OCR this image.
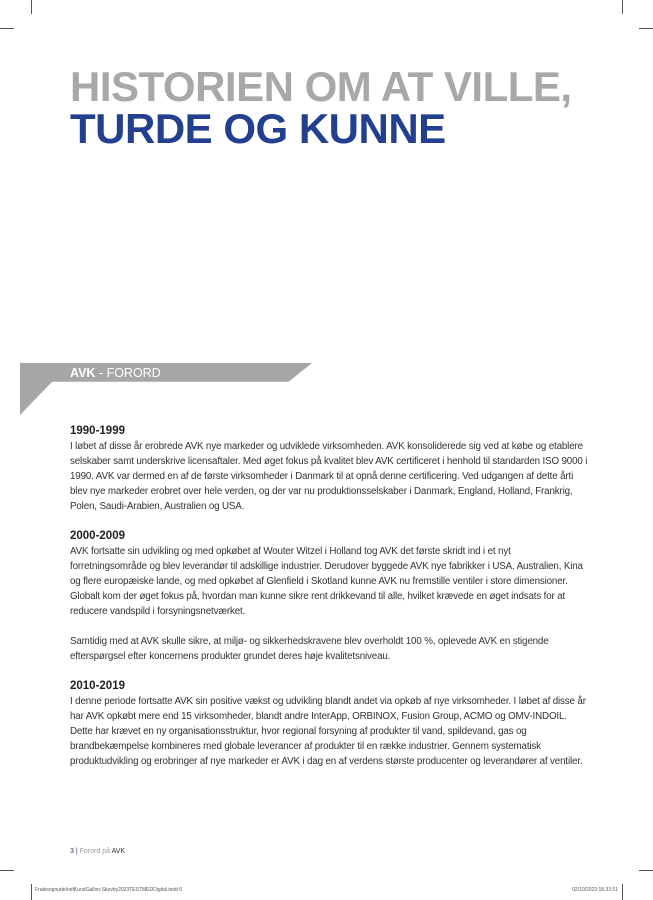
HISTORIEN OM AT VILLE,
TURDE OG KUNNE
AVK - FORORD
1990-1999

I løbet af disse år erobrede AVK nye markeder og udviklede virksomheden. AVK konsoliderede sig ved at købe og etablere selskaber samt underskrive licensaftaler. Med øget fokus på kvalitet blev AVK certificeret i henhold til standarden ISO 9000 i 1990. AVK var dermed en af de første virksomheder i Danmark til at opnå denne certificering. Ved udgangen af dette årti blev nye markeder erobret over hele verden, og der var nu produktionsselskaber i Danmark, England, Holland, Frankrig, Polen, Saudi-Arabien, Australien og USA.

2000-2009

AVK fortsatte sin udvikling og med opkøbet af Wouter Witzel i Holland tog AVK det første skridt ind i et nyt forretningsområde og blev leverandør til adskillige industrier. Derudover byggede AVK nye fabrikker i USA, Australien, Kina og flere europæiske lande, og med opkøbet af Glenfield i Skotland kunne AVK nu fremstille ventiler i store dimensioner. Globalt kom der øget fokus på, hvordan man kunne sikre rent drikkevand til alle, hvilket krævede en øget indsats for at reducere vandspild i forsyningsnetværket.

Samtidig med at AVK skulle sikre, at miljø- og sikkerhedskravene blev overholdt 100 %, oplevede AVK en stigende efterspørgsel efter koncernens produkter grundet deres høje kvalitetsniveau.

2010-2019

I denne periode fortsatte AVK sin positive vækst og udvikling blandt andet via opkøb af nye virksomheder. I løbet af disse år har AVK opkøbt mere end 15 virksomheder, blandt andre InterApp, ORBINOX, Fusion Group, ACMO og OMV-INDOIL. Dette har krævet en ny organisationsstruktur, hvor regional forsyning af produkter til vand, spildevand, gas og brandbekæmpelse kombineres med globale leverancer af produkter til en række industrier. Gennem systematisk produktudvikling og erobringer af nye markeder er AVK i dag en af verdens største producenter og leverandører af ventiler.

3 | Forord på AVK
FradesignudeInefKurstGallon-Skovby2023TESTMEDDigital.indd 6	02/10/2023 18.33.51
